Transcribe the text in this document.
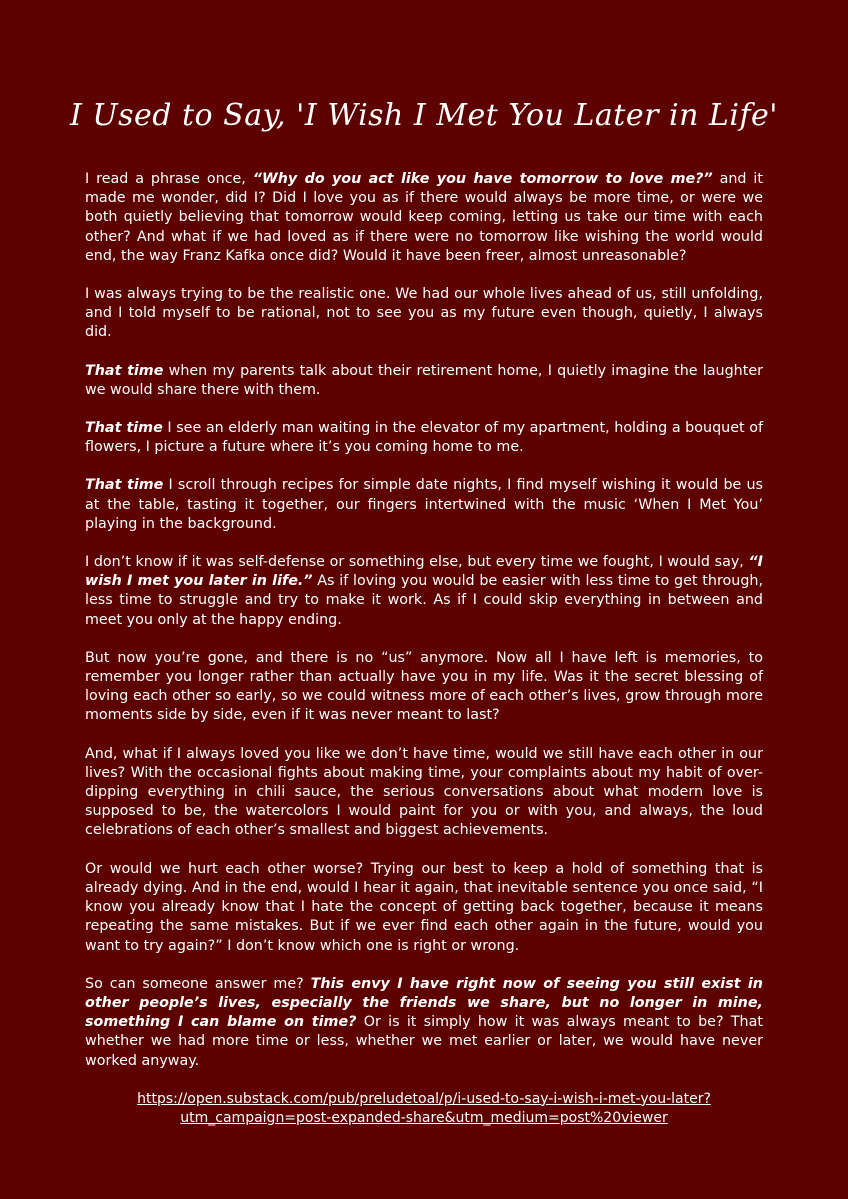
I Used to Say, 'I Wish I Met You Later in Life'

I read a phrase once, “Why do you act like you have tomorrow to love me?” and it made me wonder, did I? Did I love you as if there would always be more time, or were we both quietly believing that tomorrow would keep coming, letting us take our time with each other? And what if we had loved as if there were no tomorrow like wishing the world would end, the way Franz Kafka once did? Would it have been freer, almost unreasonable?

I was always trying to be the realistic one. We had our whole lives ahead of us, still unfolding, and I told myself to be rational, not to see you as my future even though, quietly, I always did.

That time when my parents talk about their retirement home, I quietly imagine the laughter we would share there with them.

That time I see an elderly man waiting in the elevator of my apartment, holding a bouquet of flowers, I picture a future where it’s you coming home to me.

That time I scroll through recipes for simple date nights, I find myself wishing it would be us at the table, tasting it together, our fingers intertwined with the music ‘When I Met You’ playing in the background.

I don’t know if it was self-defense or something else, but every time we fought, I would say, “I wish I met you later in life.” As if loving you would be easier with less time to get through, less time to struggle and try to make it work. As if I could skip everything in between and meet you only at the happy ending.

But now you’re gone, and there is no “us” anymore. Now all I have left is memories, to remember you longer rather than actually have you in my life. Was it the secret blessing of loving each other so early, so we could witness more of each other’s lives, grow through more moments side by side, even if it was never meant to last?

And, what if I always loved you like we don’t have time, would we still have each other in our lives? With the occasional fights about making time, your complaints about my habit of over-dipping everything in chili sauce, the serious conversations about what modern love is supposed to be, the watercolors I would paint for you or with you, and always, the loud celebrations of each other’s smallest and biggest achievements.

Or would we hurt each other worse? Trying our best to keep a hold of something that is already dying. And in the end, would I hear it again, that inevitable sentence you once said, “I know you already know that I hate the concept of getting back together, because it means repeating the same mistakes. But if we ever find each other again in the future, would you want to try again?” I don’t know which one is right or wrong.

So can someone answer me? This envy I have right now of seeing you still exist in other people’s lives, especially the friends we share, but no longer in mine, something I can blame on time? Or is it simply how it was always meant to be? That whether we had more time or less, whether we met earlier or later, we would have never worked anyway.

https://open.substack.com/pub/preludetoal/p/i-used-to-say-i-wish-i-met-you-later?
utm_campaign=post-expanded-share&utm_medium=post%20viewer
